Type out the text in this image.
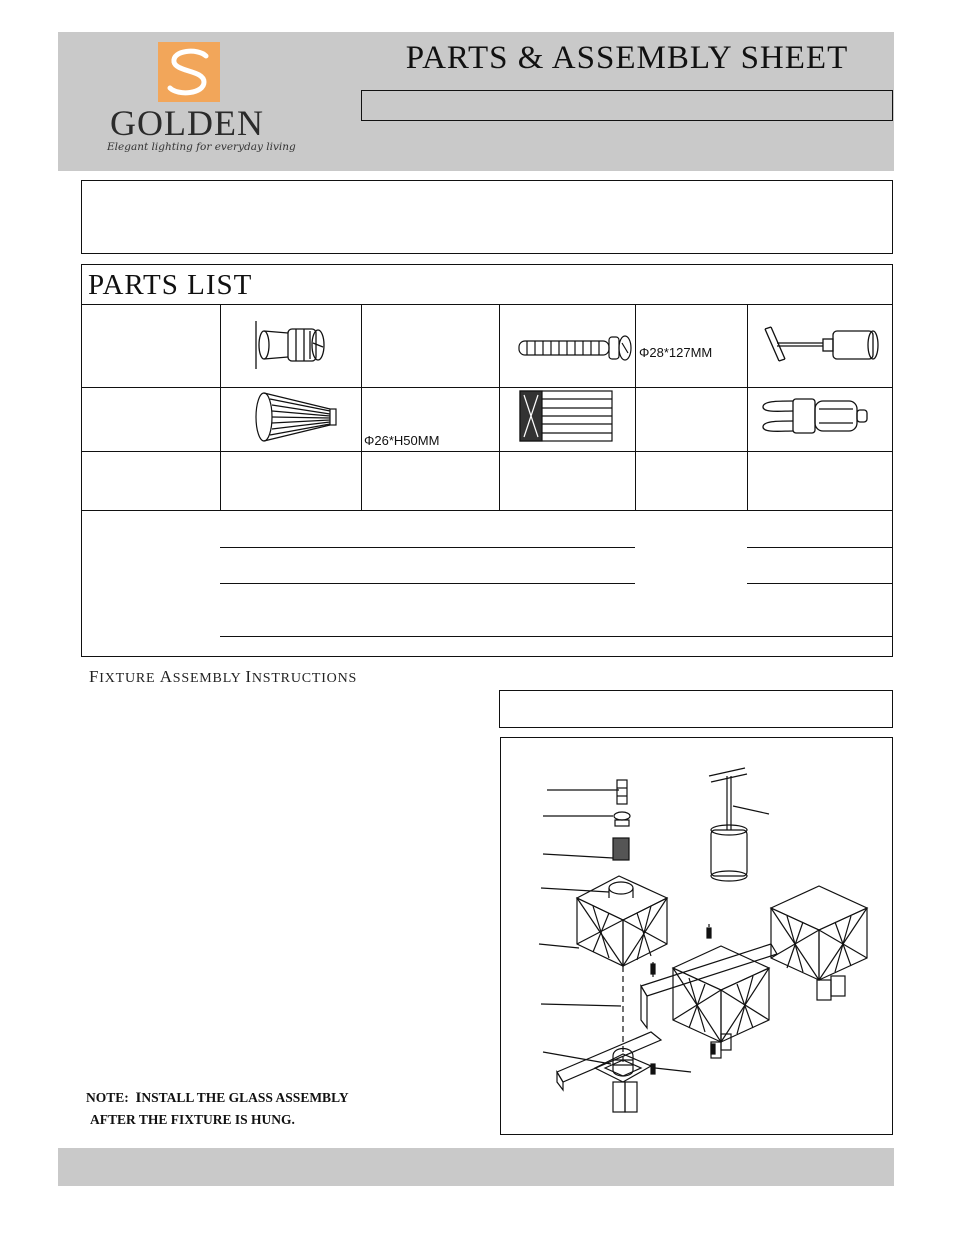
GOLDEN
Elegant lighting for everyday living
PARTS & ASSEMBLY SHEET
PARTS LIST
Φ28*127MM
Φ26*H50MM
FIXTURE ASSEMBLY INSTRUCTIONS
NOTE: INSTALL THE GLASS ASSEMBLY
AFTER THE FIXTURE IS HUNG.
